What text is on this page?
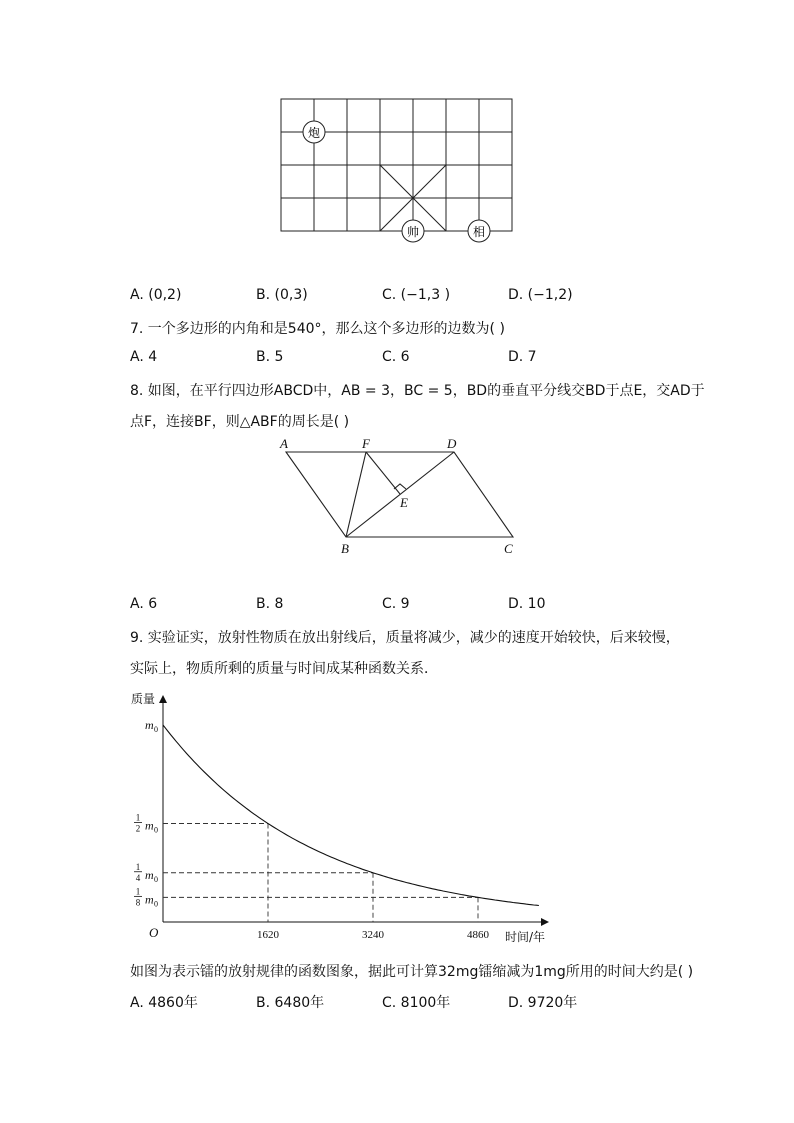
炮
帅	相
A. (0,2)	B. (0,3)	C. (−1,3 )	D. (−1,2)
7. 一个多边形的内角和是540°，那么这个多边形的边数为( )
A. 4	B. 5	C. 6	D. 7
8. 如图，在平行四边形ABCD中，AB = 3，BC = 5，BD的垂直平分线交BD于点E，交AD于
点F，连接BF，则△ABF的周长是( )
A	F	D
E
B	C
A. 6	B. 8	C. 9	D. 10
9. 实验证实，放射性物质在放出射线后，质量将减少，减少的速度开始较快，后来较慢，
实际上，物质所剩的质量与时间成某种函数关系．
质量
时间/年
O	1620	3240	4860
m 0
1
2 m 0
1
4 m 0
1
8 m 0
如图为表示镭的放射规律的函数图象，据此可计算32mg镭缩减为1mg所用的时间大约是( )
A. 4860年	B. 6480年	C. 8100年	D. 9720年
